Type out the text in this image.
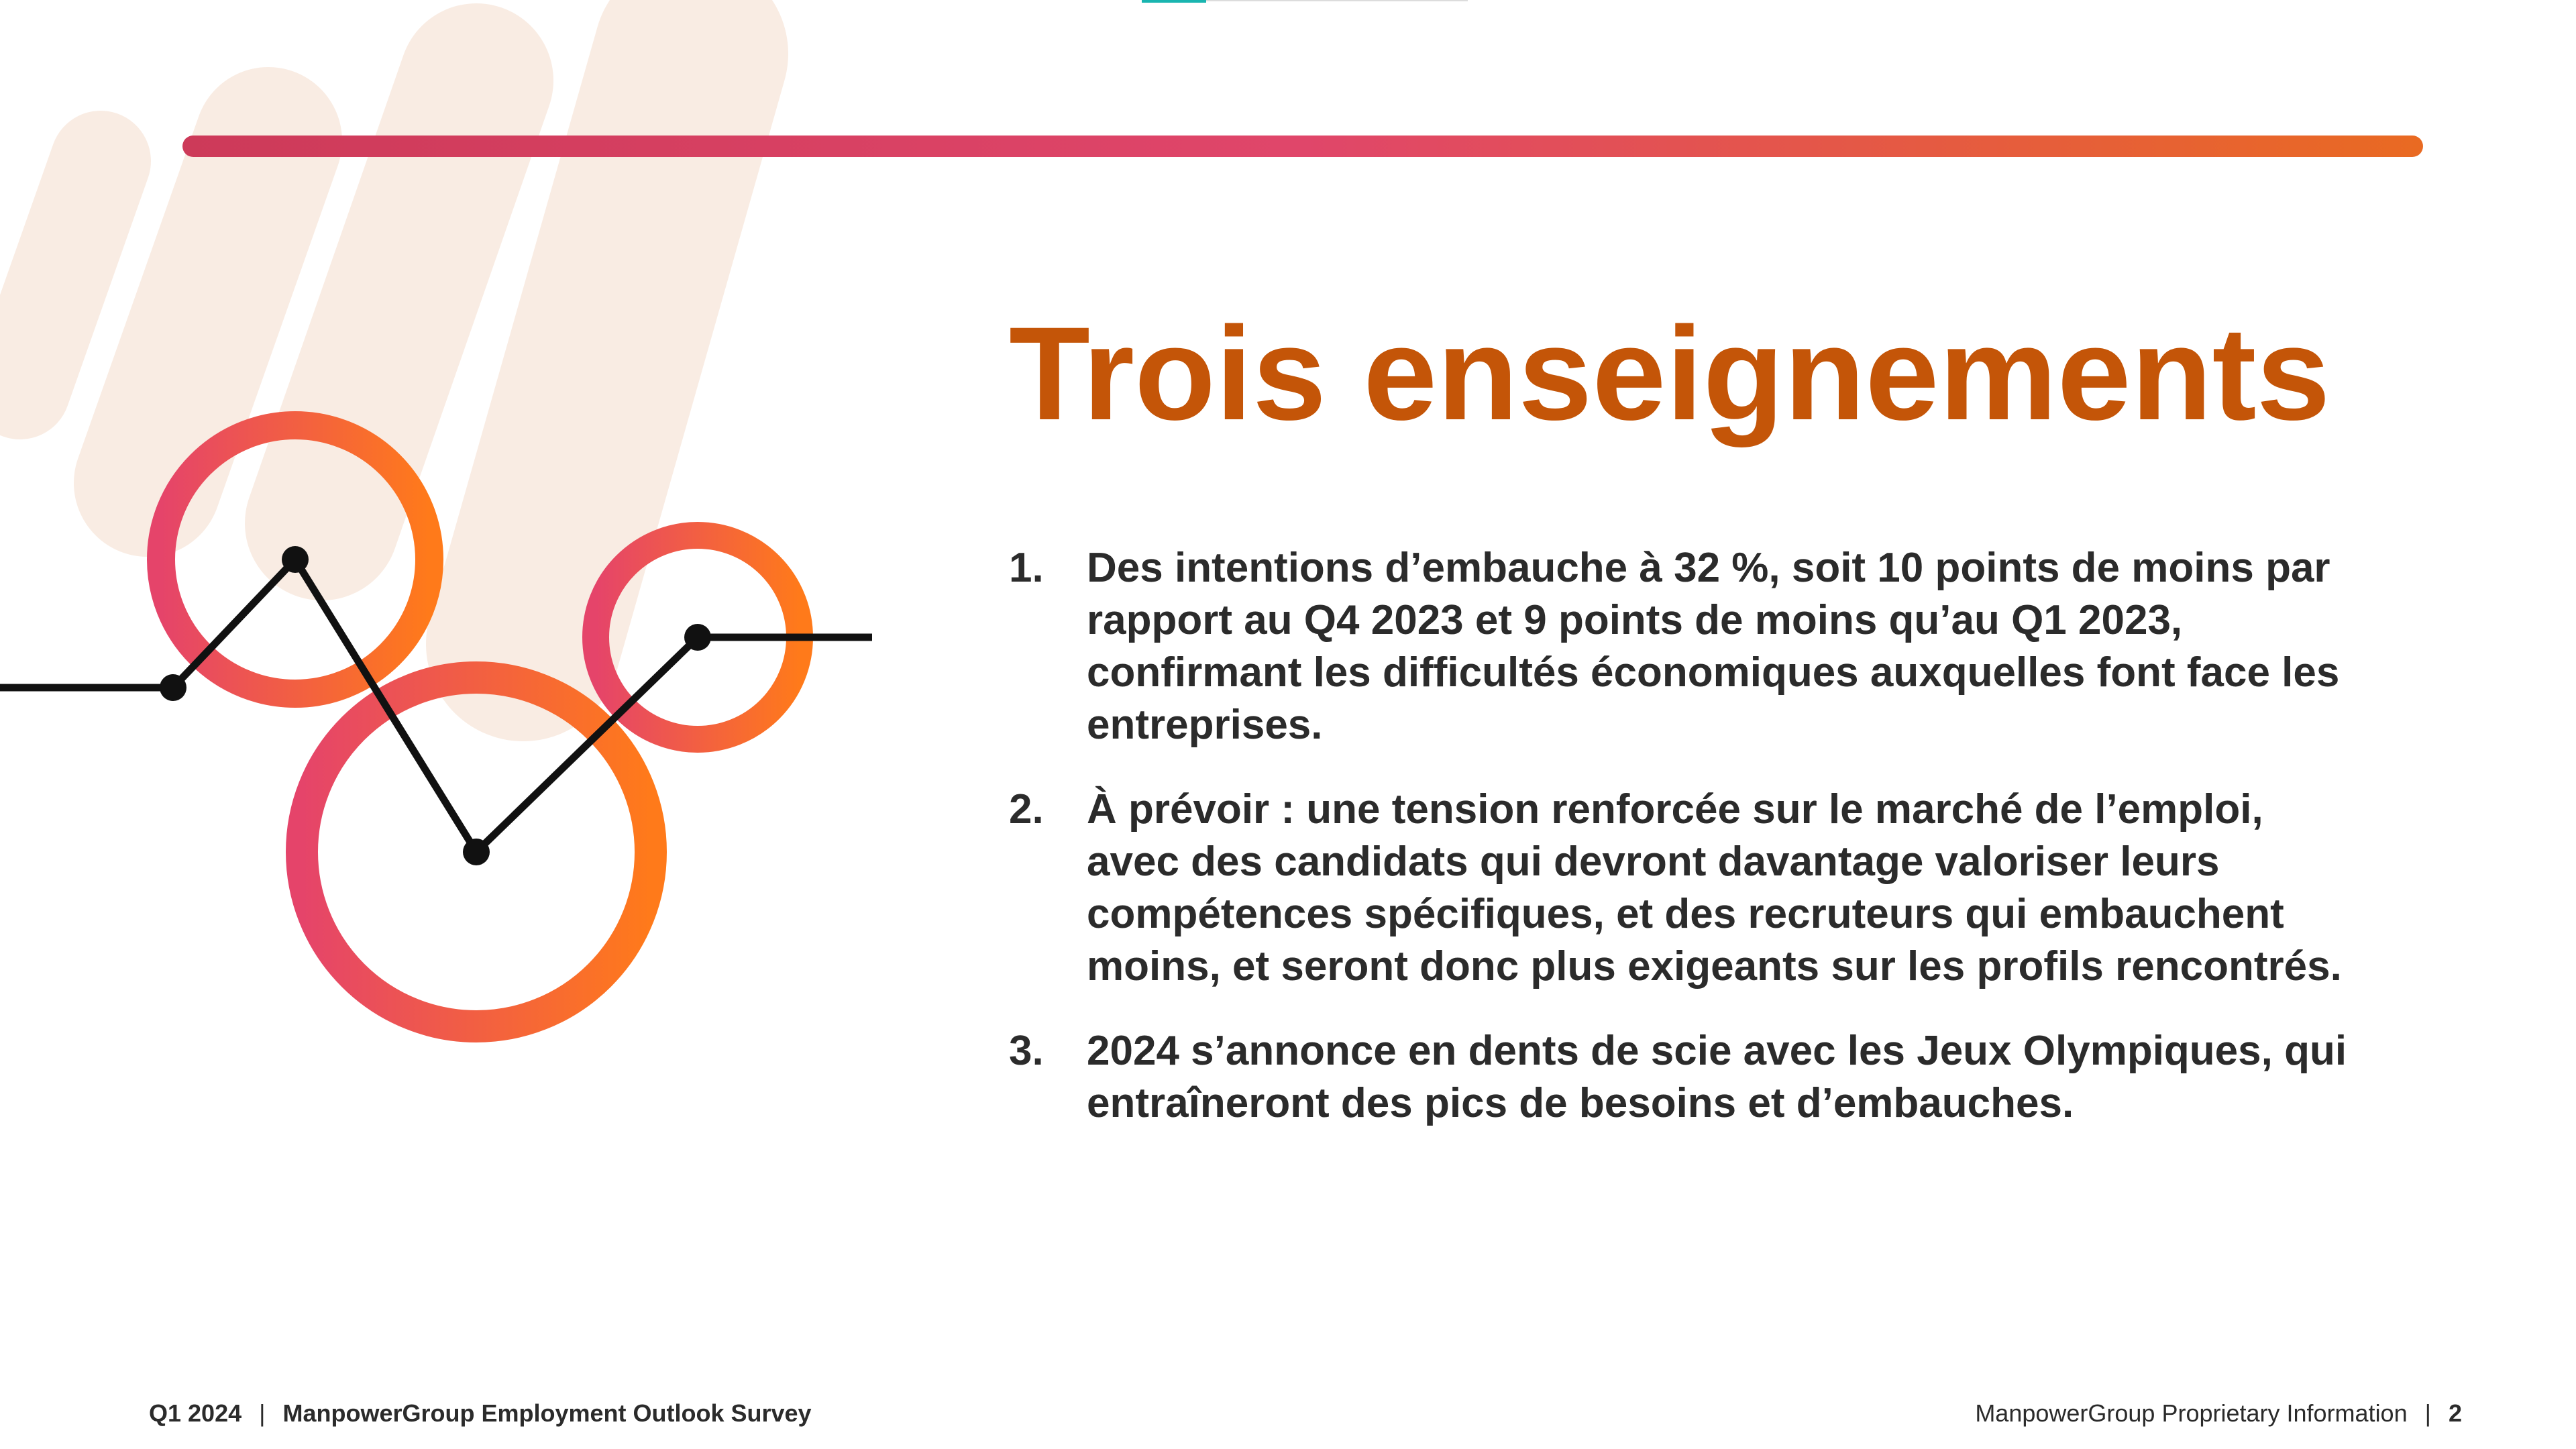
Trois enseignements
1. Des intentions d’embauche à 32 %, soit 10 points de moins par rapport au Q4 2023 et 9 points de moins qu’au Q1 2023, confirmant les difficultés économiques auxquelles font face les entreprises.
2. À prévoir : une tension renforcée sur le marché de l’emploi, avec des candidats qui devront davantage valoriser leurs compétences spécifiques, et des recruteurs qui embauchent moins, et seront donc plus exigeants sur les profils rencontrés.
3. 2024 s’annonce en dents de scie avec les Jeux Olympiques, qui entraîneront des pics de besoins et d’embauches.
Q1 2024 | ManpowerGroup Employment Outlook Survey	ManpowerGroup Proprietary Information | 2
